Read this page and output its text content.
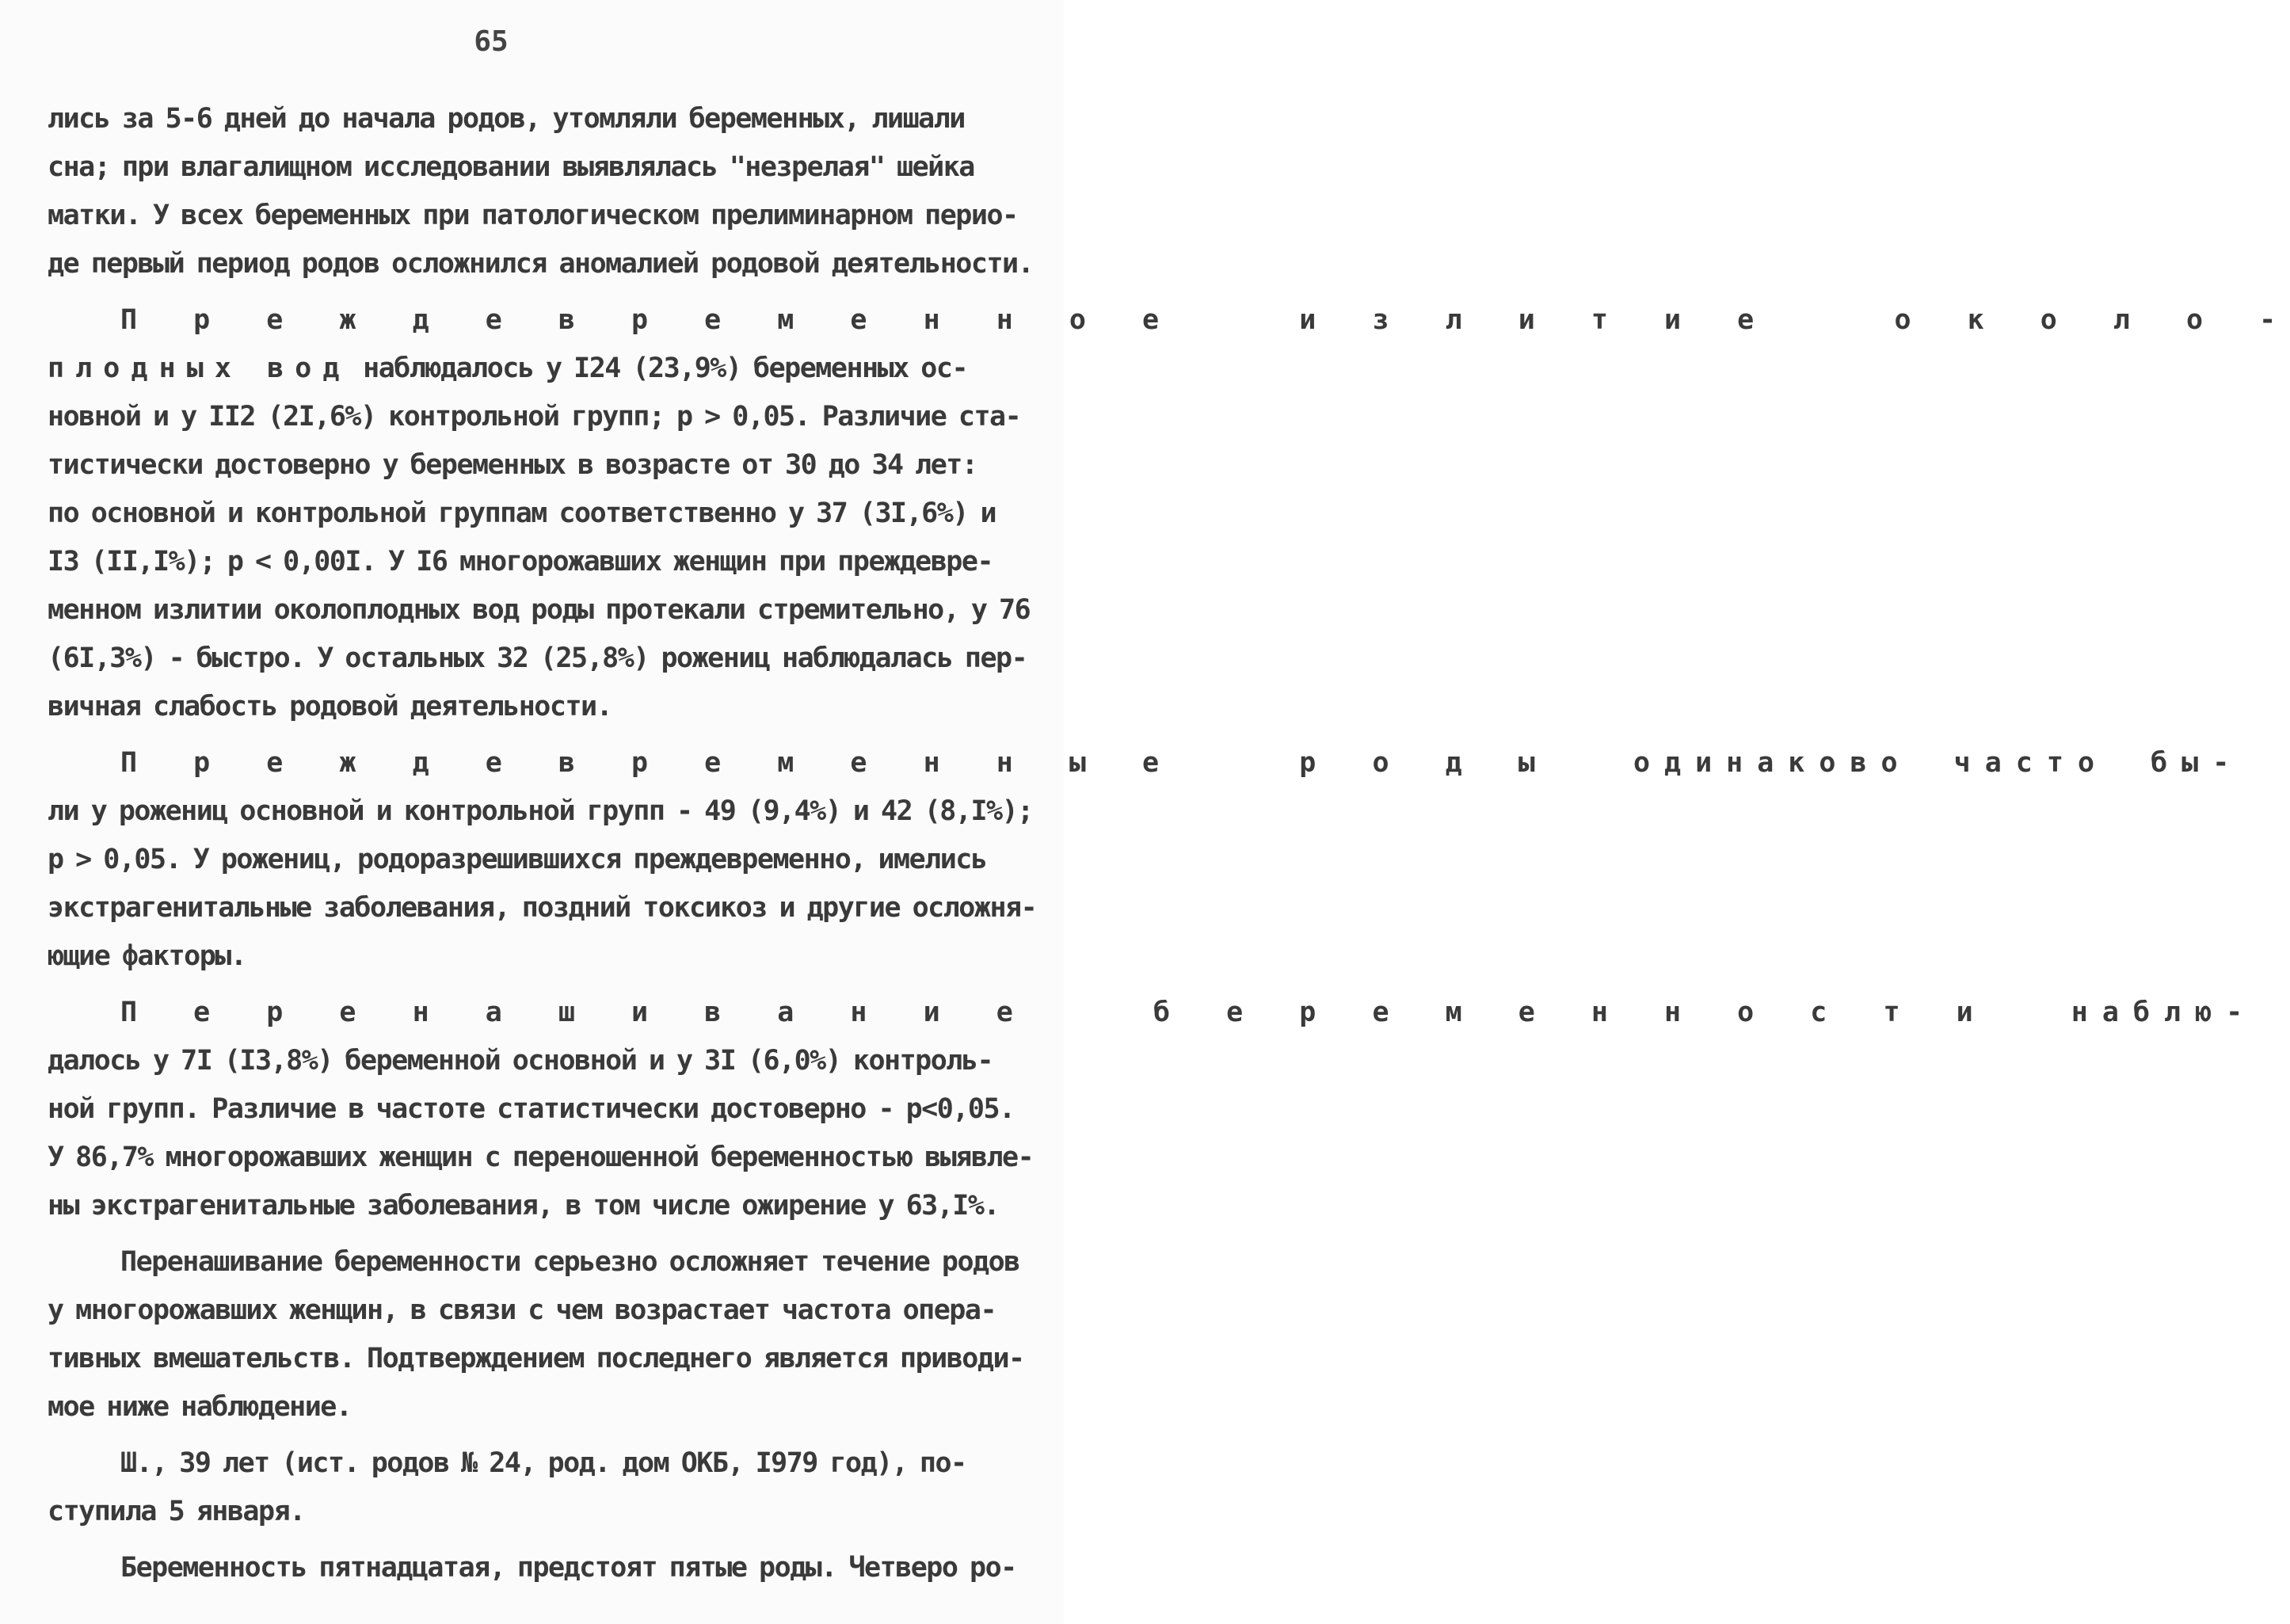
65
лись за 5-6 дней до начала родов, утомляли беременных, лишали
сна; при влагалищном исследовании выявлялась "незрелая" шейка
матки. У всех беременных при патологическом прелиминарном перио-
де первый период родов осложнился аномалией родовой деятельности.
П р е ж д е в р е м е н н о е   и з л и т и е   о к о л о -
п л о д н ы х   в о д  наблюдалось у I24 (23,9%) беременных ос-
новной и у II2 (2I,6%) контрольной групп; р > 0,05. Различие ста-
тистически достоверно у беременных в возрасте от 30 до 34 лет:
по основной и контрольной группам соответственно у 37 (3I,6%) и
I3 (II,I%); р < 0,00I. У I6 многорожавших женщин при преждевре-
менном излитии околоплодных вод роды протекали стремительно, у 76
(6I,3%) - быстро. У остальных 32 (25,8%) рожениц наблюдалась пер-
вичная слабость родовой деятельности.
П р е ж д е в р е м е н н ы е   р о д ы  одинаково часто бы-
ли у рожениц основной и контрольной групп - 49 (9,4%) и 42 (8,I%);
р > 0,05. У рожениц, родоразрешившихся преждевременно, имелись
экстрагенитальные заболевания, поздний токсикоз и другие осложня-
ющие факторы.
П е р е н а ш и в а н и е   б е р е м е н н о с т и  наблю-
далось у 7I (I3,8%) беременной основной и у 3I (6,0%) контроль-
ной групп. Различие в частоте статистически достоверно - р<0,05.
У 86,7% многорожавших женщин с переношенной беременностью выявле-
ны экстрагенитальные заболевания, в том числе ожирение у 63,I%.
Перенашивание беременности серьезно осложняет течение родов
у многорожавших женщин, в связи с чем возрастает частота опера-
тивных вмешательств. Подтверждением последнего является приводи-
мое ниже наблюдение.
Ш., 39 лет (ист. родов № 24, род. дом ОКБ, I979 год), по-
ступила 5 января.
Беременность пятнадцатая, предстоят пятые роды. Четверо ро-
